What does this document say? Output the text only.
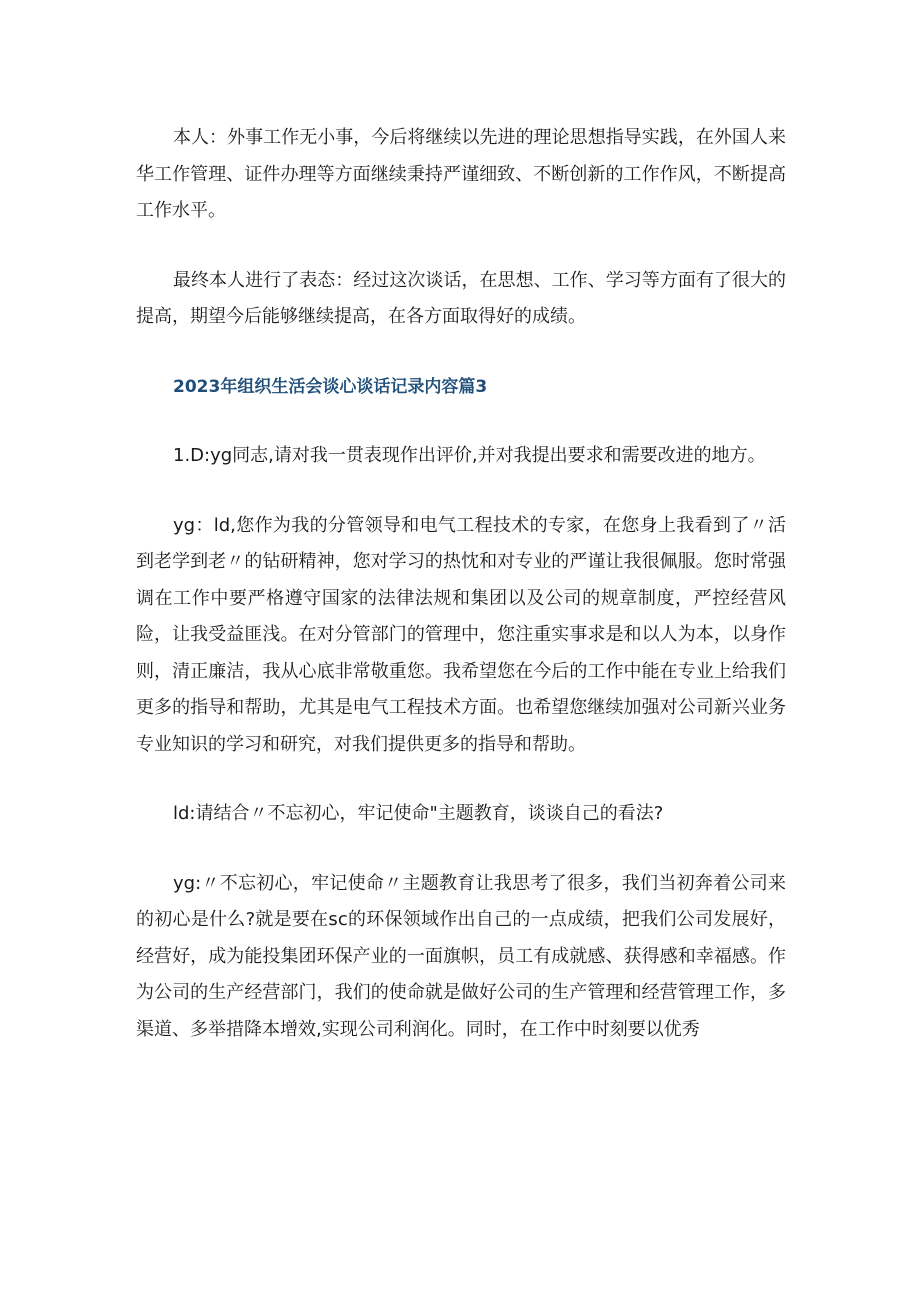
本人：外事工作无小事，今后将继续以先进的理论思想指导实践，在外国人来华工作管理、证件办理等方面继续秉持严谨细致、不断创新的工作作风，不断提高工作水平。

最终本人进行了表态：经过这次谈话，在思想、工作、学习等方面有了很大的提高，期望今后能够继续提高，在各方面取得好的成绩。

2023年组织生活会谈心谈话记录内容篇3

1.D:yg同志,请对我一贯表现作出评价,并对我提出要求和需要改进的地方。

yg：ld,您作为我的分管领导和电气工程技术的专家，在您身上我看到了〃活到老学到老〃的钻研精神，您对学习的热忱和对专业的严谨让我很佩服。您时常强调在工作中要严格遵守国家的法律法规和集团以及公司的规章制度，严控经营风险，让我受益匪浅。在对分管部门的管理中，您注重实事求是和以人为本，以身作则，清正廉洁，我从心底非常敬重您。我希望您在今后的工作中能在专业上给我们更多的指导和帮助，尤其是电气工程技术方面。也希望您继续加强对公司新兴业务专业知识的学习和研究，对我们提供更多的指导和帮助。

ld:请结合〃不忘初心，牢记使命"主题教育，谈谈自己的看法?

yg:〃不忘初心，牢记使命〃主题教育让我思考了很多，我们当初奔着公司来的初心是什么?就是要在sc的环保领域作出自己的一点成绩，把我们公司发展好，经营好，成为能投集团环保产业的一面旗帜，员工有成就感、获得感和幸福感。作为公司的生产经营部门，我们的使命就是做好公司的生产管理和经营管理工作，多渠道、多举措降本增效,实现公司利润化。同时，在工作中时刻要以优秀
